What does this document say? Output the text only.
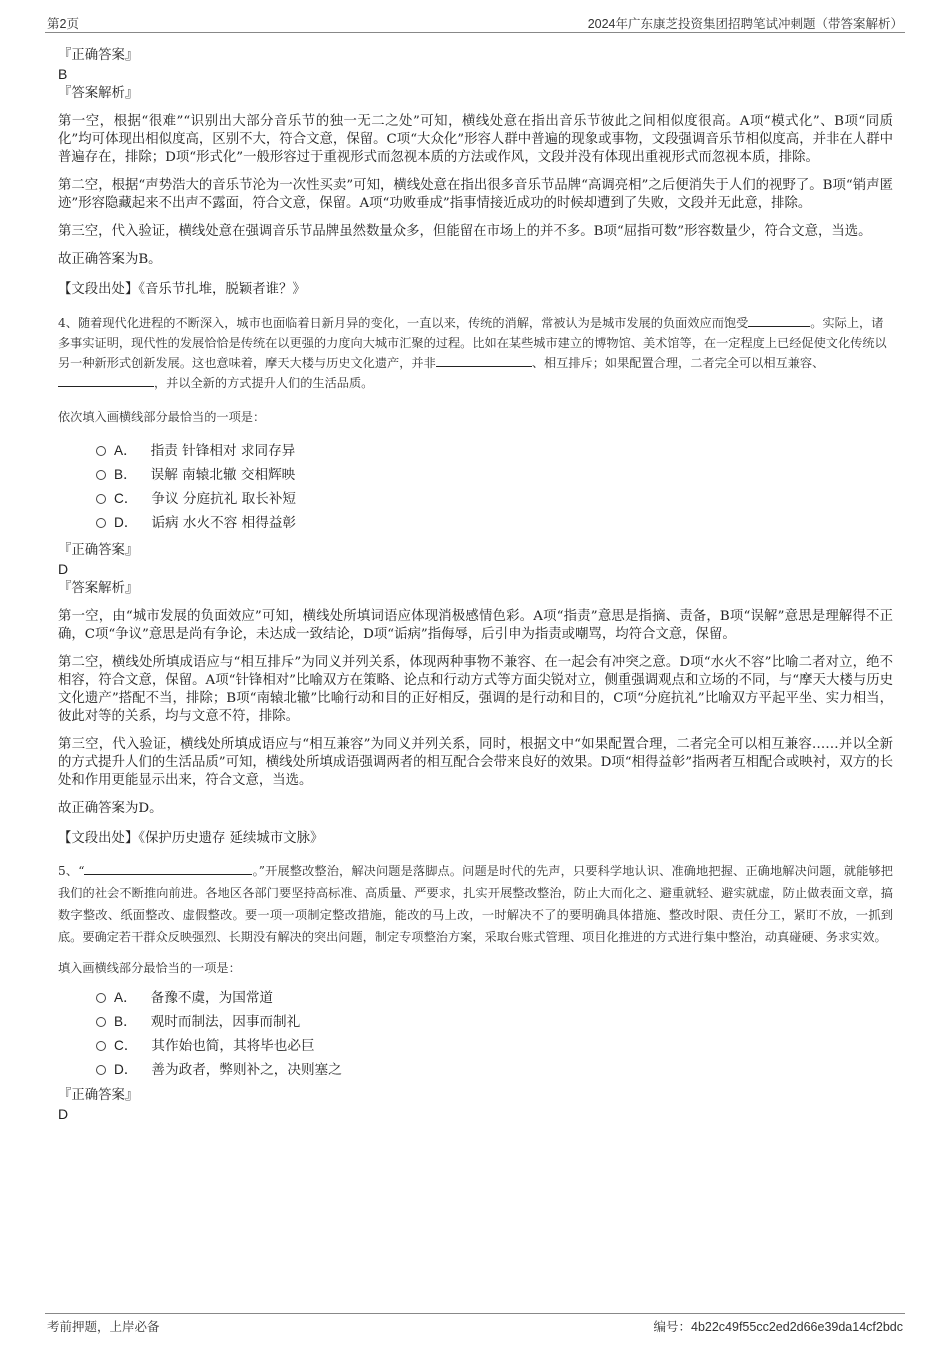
第2页	2024年广东康芝投资集团招聘笔试冲刺题（带答案解析）

『正确答案』

B

『答案解析』

第一空，根据“很难”“识别出大部分音乐节的独一无二之处”可知，横线处意在指出音乐节彼此之间相似度很高。A项“模式化”、B项“同质化”均可体现出相似度高，区别不大，符合文意，保留。C项“大众化”形容人群中普遍的现象或事物，文段强调音乐节相似度高，并非在人群中普遍存在，排除；D项“形式化”一般形容过于重视形式而忽视本质的方法或作风，文段并没有体现出重视形式而忽视本质，排除。

第二空，根据“声势浩大的音乐节沦为一次性买卖”可知，横线处意在指出很多音乐节品牌“高调亮相”之后便消失于人们的视野了。B项“销声匿迹”形容隐藏起来不出声不露面，符合文意，保留。A项“功败垂成”指事情接近成功的时候却遭到了失败，文段并无此意，排除。

第三空，代入验证，横线处意在强调音乐节品牌虽然数量众多，但能留在市场上的并不多。B项“屈指可数”形容数量少，符合文意，当选。

故正确答案为B。

【文段出处】《音乐节扎堆，脱颖者谁？》

4、随着现代化进程的不断深入，城市也面临着日新月异的变化，一直以来，传统的消解，常被认为是城市发展的负面效应而饱受	。实际上，诸多事实证明，现代性的发展恰恰是传统在以更强的力度向大城市汇聚的过程。比如在某些城市建立的博物馆、美术馆等，在一定程度上已经促使文化传统以另一种新形式创新发展。这也意味着，摩天大楼与历史文化遗产，并非	、相互排斥；如果配置合理，二者完全可以相互兼容、，并以全新的方式提升人们的生活品质。

依次填入画横线部分最恰当的一项是：

A． 指责 针锋相对 求同存异
B． 误解 南辕北辙 交相辉映
C． 争议 分庭抗礼 取长补短
D． 诟病 水火不容 相得益彰

『正确答案』

D

『答案解析』

第一空，由“城市发展的负面效应”可知，横线处所填词语应体现消极感情色彩。A项“指责”意思是指摘、责备，B项“误解”意思是理解得不正确，C项“争议”意思是尚有争论，未达成一致结论，D项“诟病”指侮辱，后引申为指责或嘲骂，均符合文意，保留。

第二空，横线处所填成语应与“相互排斥”为同义并列关系，体现两种事物不兼容、在一起会有冲突之意。D项“水火不容”比喻二者对立，绝不相容，符合文意，保留。A项“针锋相对”比喻双方在策略、论点和行动方式等方面尖锐对立，侧重强调观点和立场的不同，与“摩天大楼与历史文化遗产”搭配不当，排除；B项“南辕北辙”比喻行动和目的正好相反，强调的是行动和目的，C项“分庭抗礼”比喻双方平起平坐、实力相当，彼此对等的关系，均与文意不符，排除。

第三空，代入验证，横线处所填成语应与“相互兼容”为同义并列关系，同时，根据文中“如果配置合理，二者完全可以相互兼容……并以全新的方式提升人们的生活品质”可知，横线处所填成语强调两者的相互配合会带来良好的效果。D项“相得益彰”指两者互相配合或映衬，双方的长处和作用更能显示出来，符合文意，当选。

故正确答案为D。

【文段出处】《保护历史遗存 延续城市文脉》

5、“	。”开展整改整治，解决问题是落脚点。问题是时代的先声，只要科学地认识、准确地把握、正确地解决问题，就能够把我们的社会不断推向前进。各地区各部门要坚持高标准、高质量、严要求，扎实开展整改整治，防止大而化之、避重就轻、避实就虚，防止做表面文章，搞数字整改、纸面整改、虚假整改。要一项一项制定整改措施，能改的马上改，一时解决不了的要明确具体措施、整改时限、责任分工，紧盯不放，一抓到底。要确定若干群众反映强烈、长期没有解决的突出问题，制定专项整治方案，采取台账式管理、项目化推进的方式进行集中整治，动真碰硬、务求实效。

填入画横线部分最恰当的一项是：

A． 备豫不虞，为国常道
B． 观时而制法，因事而制礼
C． 其作始也简，其将毕也必巨
D． 善为政者，弊则补之，决则塞之

『正确答案』

D

考前押题，上岸必备	编号：4b22c49f55cc2ed2d66e39da14cf2bdc
